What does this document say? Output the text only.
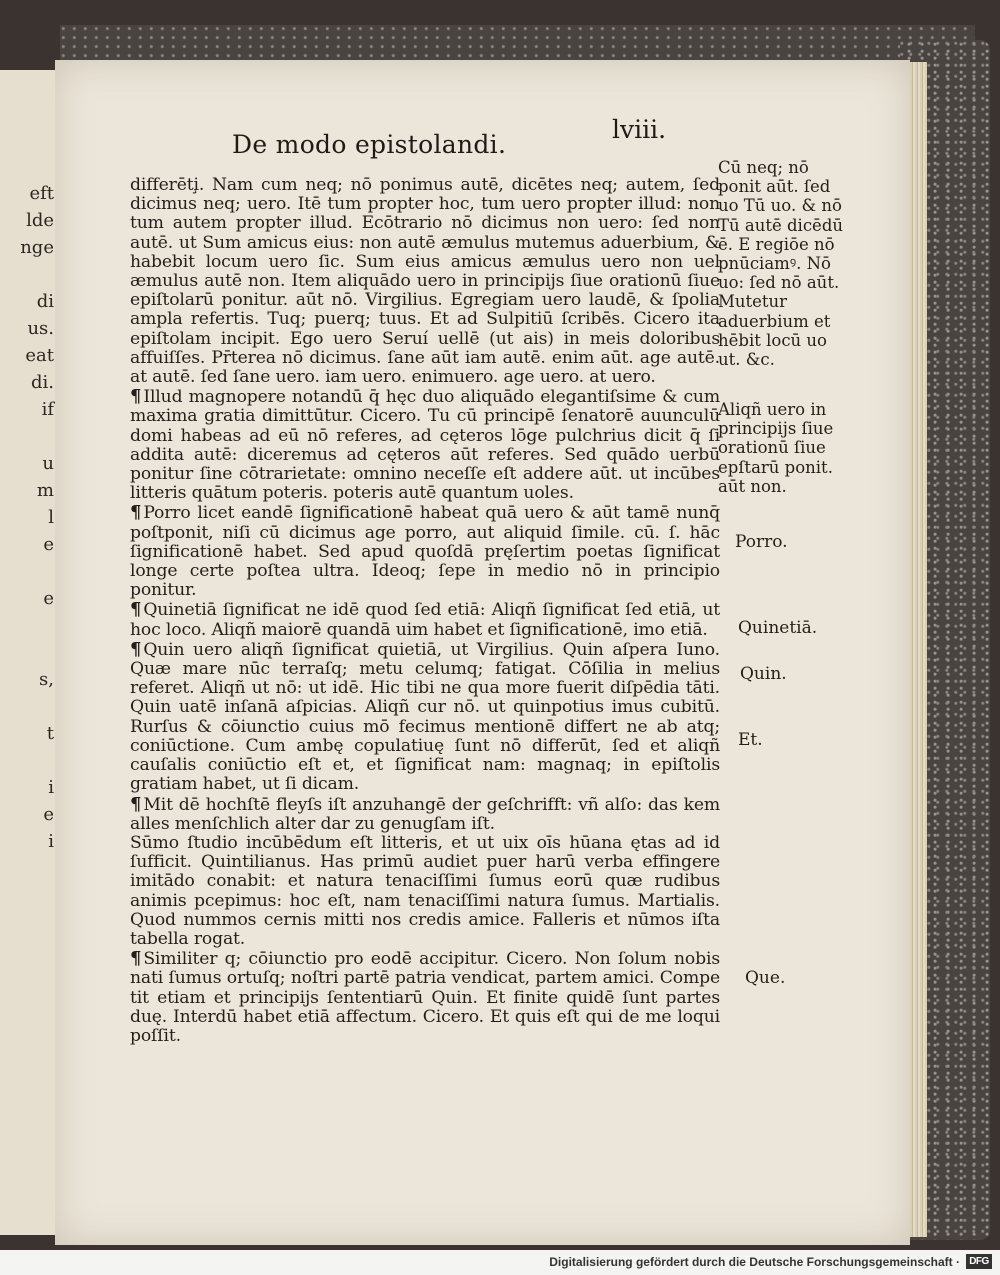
eft
lde
nge

di
us.
eat
di.
if

u
m
l
e

e

s,

t

i
e
i
De modo epistolandi.
lviii.

differēti̧. Nam cum neq; nō ponimus autē, dicētes neq; autem, ſed dicimus neq; uero. Itē tum propter hoc, tum uero propter illud: non tum autem propter illud. Ecōtrario nō dicimus non uero: ſed non autē. ut Sum amicus eius: non autē æmulus mutemus aduerbium, & habebit locum uero ſic. Sum eius amicus æmulus uero non uel æmulus autē non. Item aliquādo uero in principijs ſiue orationū ſiue epiſtolarū ponitur. aūt nō. Virgilius. Egregiam uero laudē, & ſpolia ampla refertis. Tuq; puerq; tuus. Et ad Sulpitiū ſcribēs. Cicero ita epiſtolam incipit. Ego uero Seruí uellē (ut ais) in meis doloribus affuiſſes. Pr̄terea nō dicimus. ſane aūt iam autē. enim aūt. age autē. at autē. ſed ſane uero. iam uero. enimuero. age uero. at uero.

¶ Illud magnopere notandū q̄ hęc duo aliquādo elegantiſsime & cum maxima gratia dimittūtur. Cicero. Tu cū principē ſenatorē auunculū domi habeas ad eū nō referes, ad cęteros lōge pulchrius dicit q̄ ſi addita autē: diceremus ad cęteros aūt referes. Sed quādo uerbū ponitur ſine cōtrarietate: omnino neceſſe eſt addere aūt. ut incūbes litteris quātum poteris. poteris autē quantum uoles.

¶ Porro licet eandē ſignificationē habeat quā uero & aūt tamē nunq̄ poſtponit, niſi cū dicimus age porro, aut aliquid ſimile. cū. ſ. hāc ſignificationē habet. Sed apud quoſdā pręſertim poetas ſignificat longe certe poſtea ultra. Ideoq; ſepe in medio nō in principio ponitur.

¶ Quinetiā ſignificat ne idē quod ſed etiā: Aliqñ ſignificat ſed etiā, ut hoc loco. Aliqñ maiorē quandā uim habet et ſignificationē, imo etiā.

¶ Quin uero aliqñ ſignificat quietiā, ut Virgilius. Quin aſpera Iuno. Quæ mare nūc terraſq; metu celumq; fatigat. Cōſilia in melius referet. Aliqñ ut nō: ut idē. Hic tibi ne qua more fuerit diſpēdia tāti. Quin uatē inſanā aſpicias. Aliqñ cur nō. ut quinpotius imus cubitū. Rurſus & cōiunctio cuius mō fecimus mentionē differt ne ab atq; coniūctione. Cum ambę copulatiuę ſunt nō differūt, ſed et aliqñ cauſalis coniūctio eſt et, et ſignificat nam: magnaq; in epiſtolis gratiam habet, ut ſi dicam.

¶ Mit dē hochſtē fleyſs iſt anzuhangē der geſchrifft: vñ alſo: das kem alles menſchlich alter dar zu genugſam iſt.

Sūmo ſtudio incūbēdum eſt litteris, et ut uix oīs hūana ętas ad id ſufficit. Quintilianus. Has primū audiet puer harū verba effingere imitādo conabit: et natura tenaciſſimi ſumus eorū quæ rudibus animis pcepimus: hoc eſt, nam tenaciſſimi natura ſumus. Martialis. Quod nummos cernis mitti nos credis amice. Falleris et nūmos iſta tabella rogat.

¶ Similiter q; cōiunctio pro eodē accipitur. Cicero. Non ſolum nobis nati ſumus ortuſq; noſtri partē patria vendicat, partem amici. Compe tit etiam et principijs ſententiarū Quin. Et finite quidē ſunt partes duę. Interdū habet etiā affectum. Cicero. Et quis eſt qui de me loqui poſſit.

Cū neq; nō ponit aūt. ſed uo Tū uo. & nō Tū autē dicēdū ē. E regiōe nō pnūciamꝰ. Nō uo: ſed nō aūt. Mutetur aduerbium et hēbit locū uo ut. &c.
Aliqñ uero in principijs ſiue orationū ſiue epſtarū ponit. aūt non.
Porro.
Quinetiā.
Quin.
Et.
Que.
Digitalisierung gefördert durch die Deutsche Forschungsgemeinschaft · DFG
